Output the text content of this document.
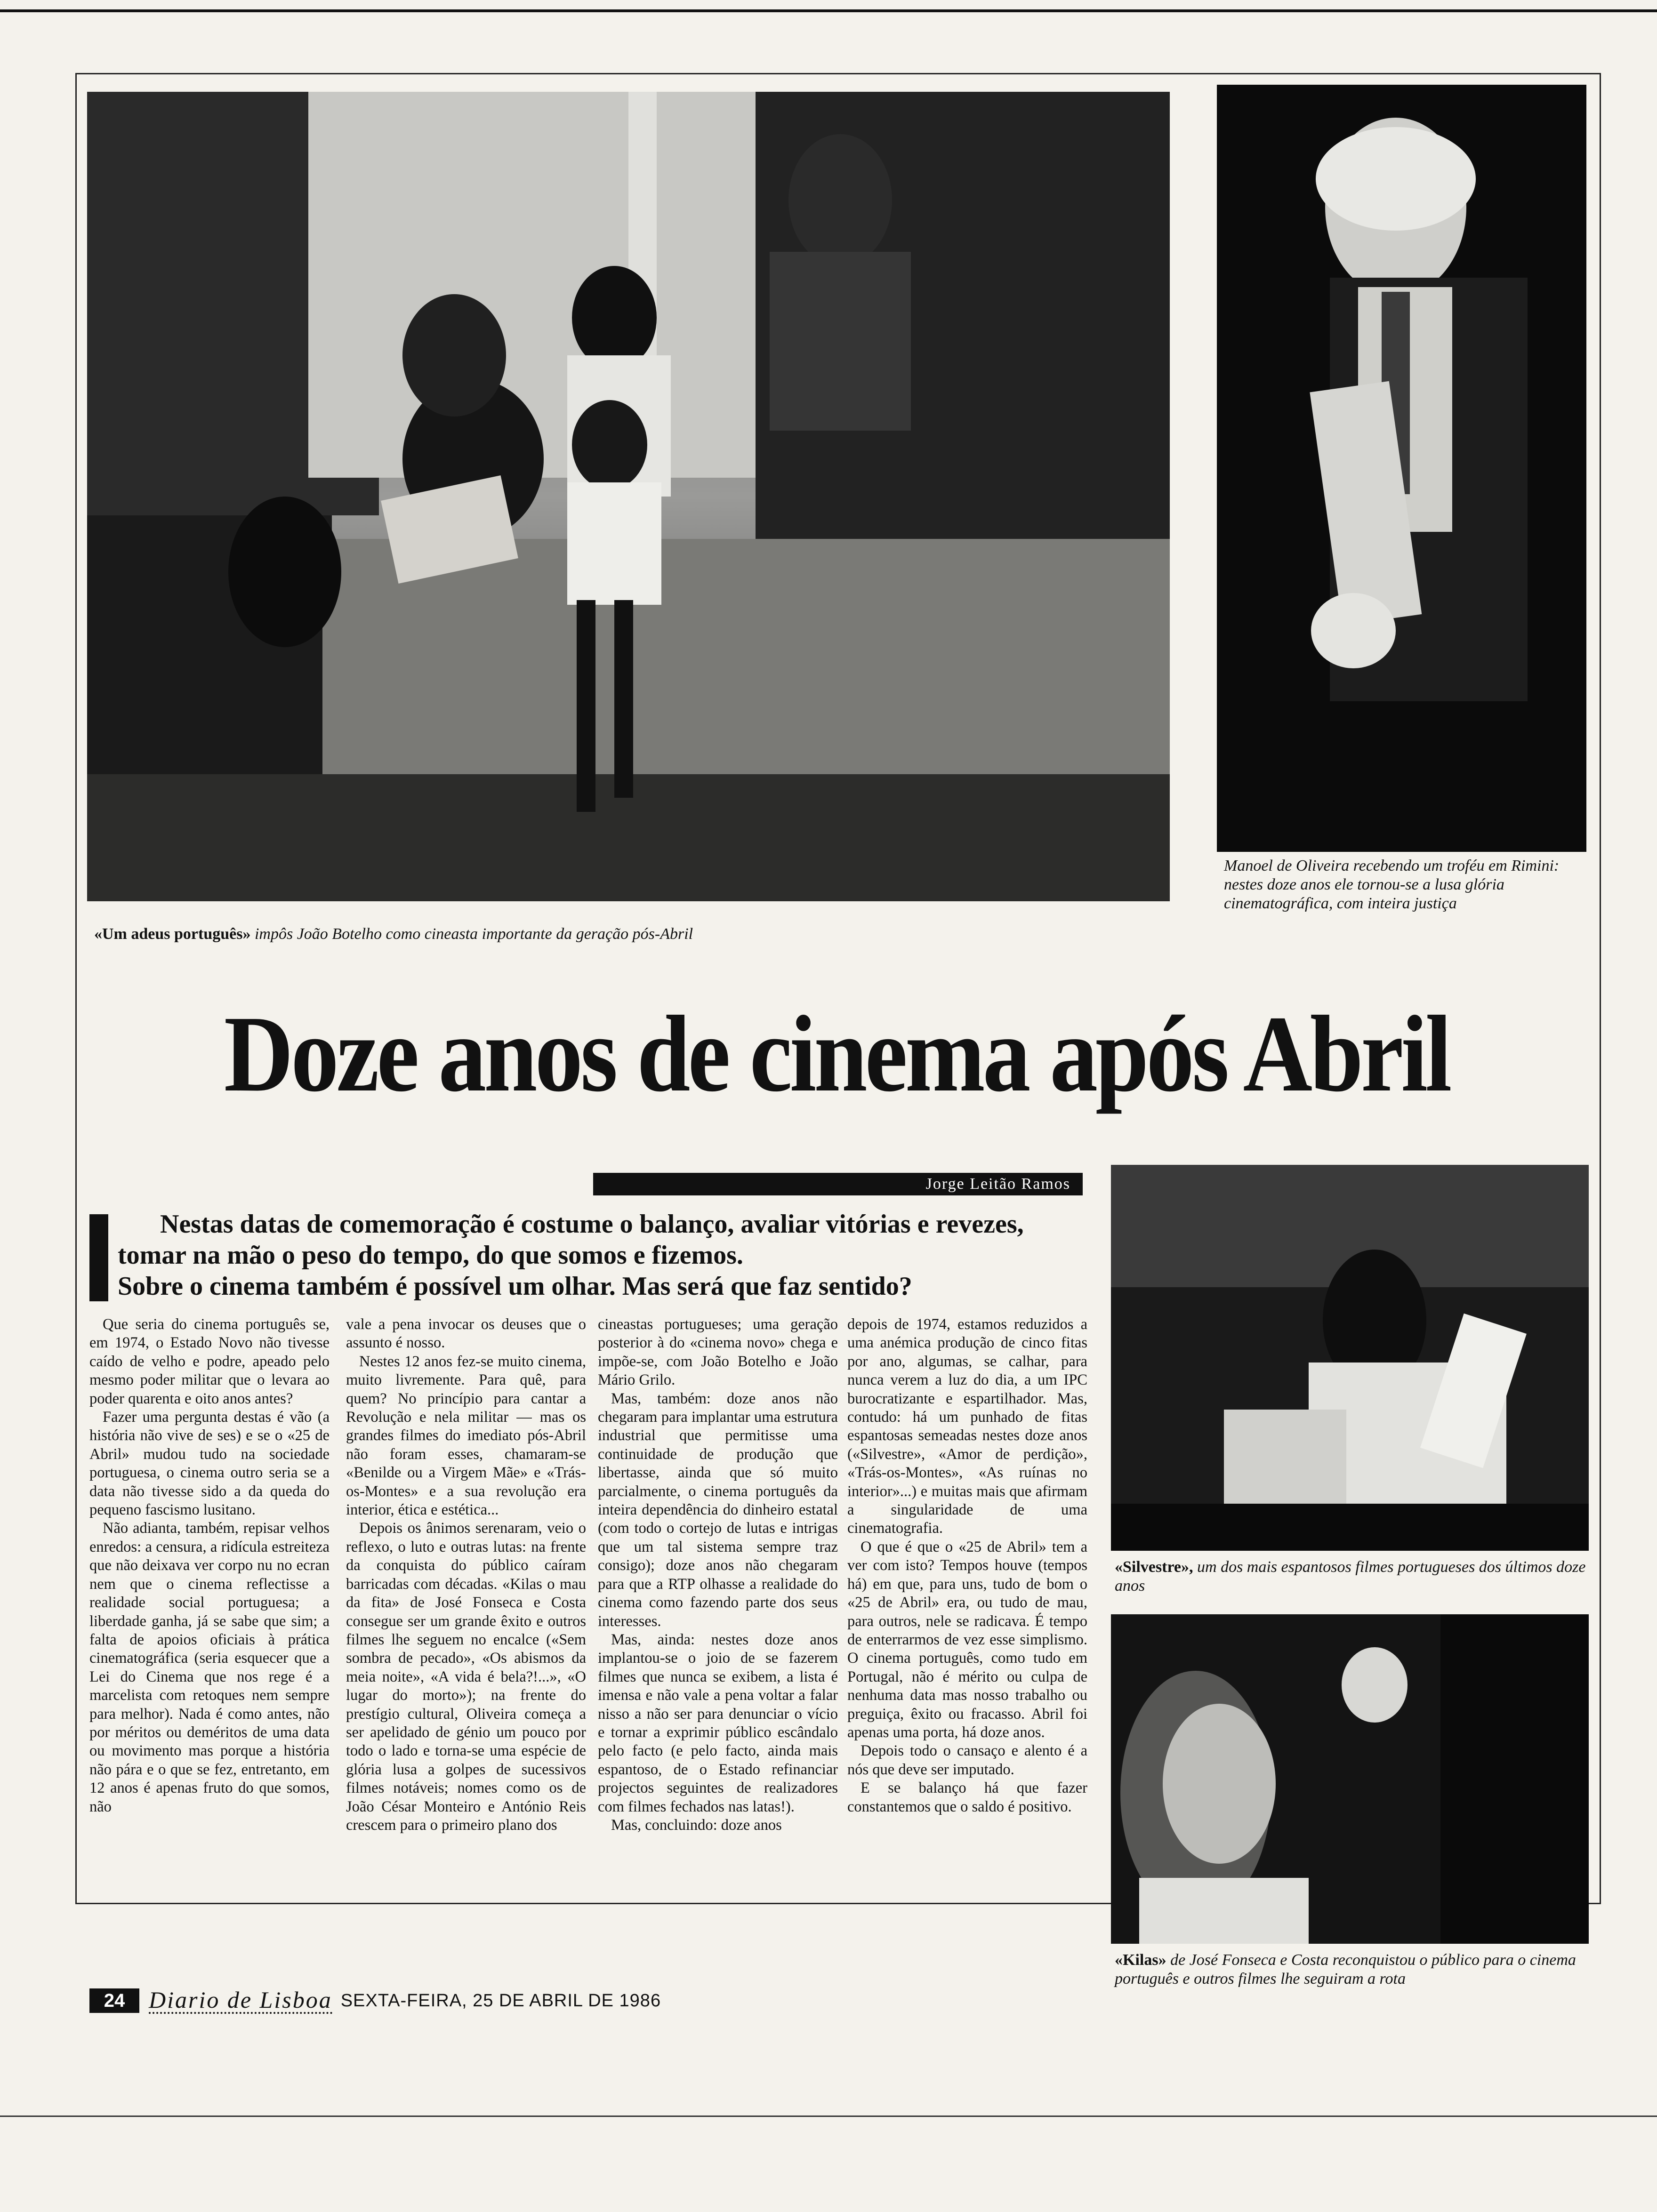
«Um adeus português» impôs João Botelho como cineasta importante da geração pós-Abril
Manoel de Oliveira recebendo um troféu em Rimini: nestes doze anos ele tornou-se a lusa glória cinematográfica, com inteira justiça
«Silvestre», um dos mais espantosos filmes portugueses dos últimos doze anos
«Kilas» de José Fonseca e Costa reconquistou o público para o cinema português e outros filmes lhe seguiram a rota
Doze anos de cinema após Abril
Jorge Leitão Ramos

Nestas datas de comemoração é costume o balanço, avaliar vitórias e revezes,

tomar na mão o peso do tempo, do que somos e fizemos.

Sobre o cinema também é possível um olhar. Mas será que faz sentido?

Que seria do cinema português se, em 1974, o Estado Novo não tivesse caído de velho e podre, apeado pelo mesmo poder militar que o levara ao poder quarenta e oito anos antes?

Fazer uma pergunta destas é vão (a história não vive de ses) e se o «25 de Abril» mudou tudo na sociedade portuguesa, o cinema outro seria se a data não tivesse sido a da queda do pequeno fascismo lusitano.

Não adianta, também, repisar velhos enredos: a censura, a ridícula estreiteza que não deixava ver corpo nu no ecran nem que o cinema reflectisse a realidade social portuguesa; a liberdade ganha, já se sabe que sim; a falta de apoios oficiais à prática cinematográfica (seria esquecer que a Lei do Cinema que nos rege é a marcelista com retoques nem sempre para melhor). Nada é como antes, não por méritos ou deméritos de uma data ou movimento mas porque a história não pára e o que se fez, entretanto, em 12 anos é apenas fruto do que somos, não

vale a pena invocar os deuses que o assunto é nosso.

Nestes 12 anos fez-se muito cinema, muito livremente. Para quê, para quem? No princípio para cantar a Revolução e nela militar — mas os grandes filmes do imediato pós-Abril não foram esses, chamaram-se «Benilde ou a Virgem Mãe» e «Trás-os-Montes» e a sua revolução era interior, ética e estética...

Depois os ânimos serenaram, veio o reflexo, o luto e outras lutas: na frente da conquista do público caíram barricadas com décadas. «Kilas o mau da fita» de José Fonseca e Costa consegue ser um grande êxito e outros filmes lhe seguem no encalce («Sem sombra de pecado», «Os abismos da meia noite», «A vida é bela?!...», «O lugar do morto»); na frente do prestígio cultural, Oliveira começa a ser apelidado de génio um pouco por todo o lado e torna-se uma espécie de glória lusa a golpes de sucessivos filmes notáveis; nomes como os de João César Monteiro e António Reis crescem para o primeiro plano dos

cineastas portugueses; uma geração posterior à do «cinema novo» chega e impõe-se, com João Botelho e João Mário Grilo.

Mas, também: doze anos não chegaram para implantar uma estrutura industrial que permitisse uma continuidade de produção que libertasse, ainda que só muito parcialmente, o cinema português da inteira dependência do dinheiro estatal (com todo o cortejo de lutas e intrigas que um tal sistema sempre traz consigo); doze anos não chegaram para que a RTP olhasse a realidade do cinema como fazendo parte dos seus interesses.

Mas, ainda: nestes doze anos implantou-se o joio de se fazerem filmes que nunca se exibem, a lista é imensa e não vale a pena voltar a falar nisso a não ser para denunciar o vício e tornar a exprimir público escândalo pelo facto (e pelo facto, ainda mais espantoso, de o Estado refinanciar projectos seguintes de realizadores com filmes fechados nas latas!).

Mas, concluindo: doze anos

depois de 1974, estamos reduzidos a uma anémica produção de cinco fitas por ano, algumas, se calhar, para nunca verem a luz do dia, a um IPC burocratizante e espartilhador. Mas, contudo: há um punhado de fitas espantosas semeadas nestes doze anos («Silvestre», «Amor de perdição», «Trás-os-Montes», «As ruínas no interior»...) e muitas mais que afirmam a singularidade de uma cinematografia.

O que é que o «25 de Abril» tem a ver com isto? Tempos houve (tempos há) em que, para uns, tudo de bom o «25 de Abril» era, ou tudo de mau, para outros, nele se radicava. É tempo de enterrarmos de vez esse simplismo. O cinema português, como tudo em Portugal, não é mérito ou culpa de nenhuma data mas nosso trabalho ou preguiça, êxito ou fracasso. Abril foi apenas uma porta, há doze anos.

Depois todo o cansaço e alento é a nós que deve ser imputado.

E se balanço há que fazer constantemos que o saldo é positivo.

24	Diario de Lisboa SEXTA-FEIRA, 25 DE ABRIL DE 1986
